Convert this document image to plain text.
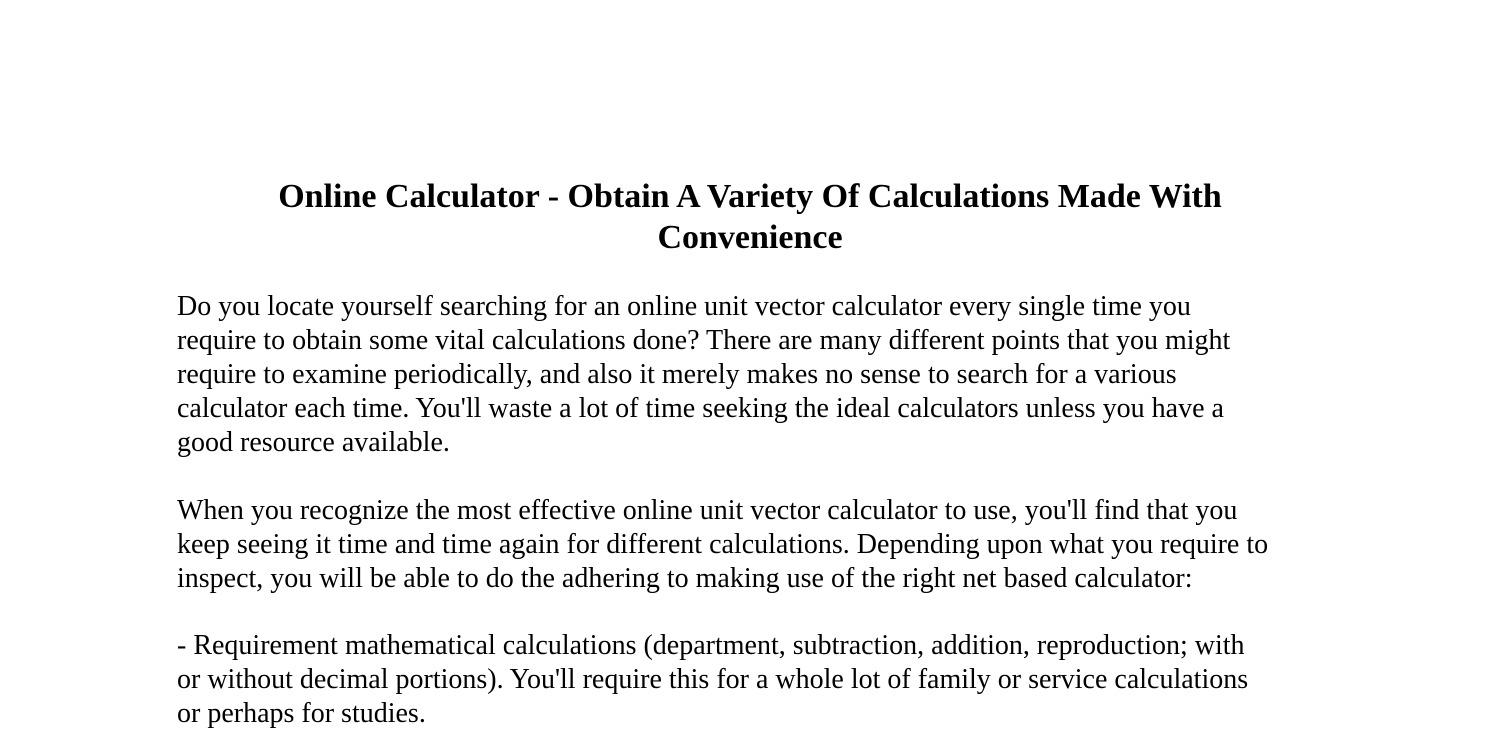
Online Calculator - Obtain A Variety Of Calculations Made With
Convenience

Do you locate yourself searching for an online unit vector calculator every single time you
require to obtain some vital calculations done? There are many different points that you might
require to examine periodically, and also it merely makes no sense to search for a various
calculator each time. You'll waste a lot of time seeking the ideal calculators unless you have a
good resource available.

When you recognize the most effective online unit vector calculator to use, you'll find that you
keep seeing it time and time again for different calculations. Depending upon what you require to
inspect, you will be able to do the adhering to making use of the right net based calculator:

- Requirement mathematical calculations (department, subtraction, addition, reproduction; with
or without decimal portions). You'll require this for a whole lot of family or service calculations
or perhaps for studies.
